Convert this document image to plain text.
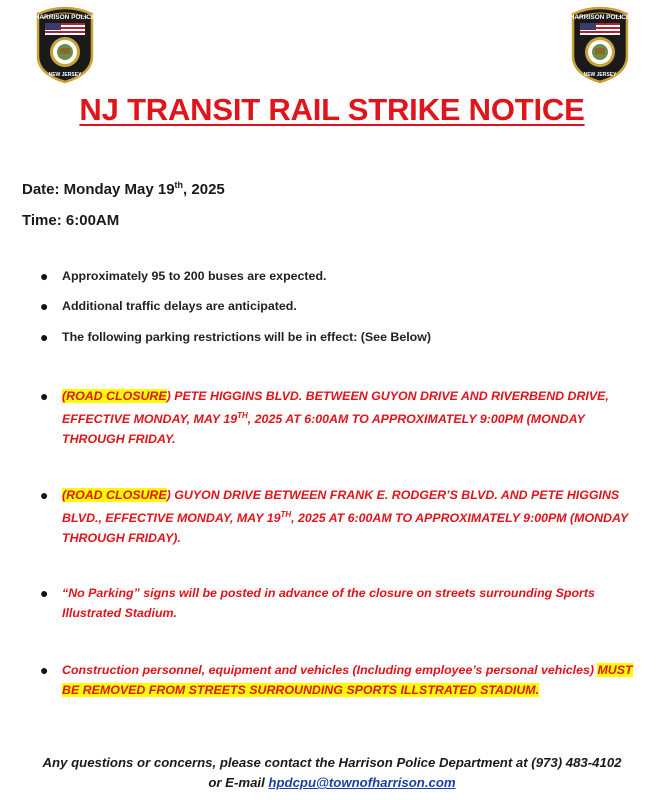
HARRISON POLICE
NEW JERSEY
HARRISON POLICE
NEW JERSEY
NJ TRANSIT RAIL STRIKE NOTICE
Date: Monday May 19th, 2025
Time: 6:00AM
● Approximately 95 to 200 buses are expected.
● Additional traffic delays are anticipated.
● The following parking restrictions will be in effect: (See Below)
● (ROAD CLOSURE) PETE HIGGINS BLVD. BETWEEN GUYON DRIVE AND RIVERBEND DRIVE, EFFECTIVE MONDAY, MAY 19TH, 2025 AT 6:00AM TO APPROXIMATELY 9:00PM (MONDAY THROUGH FRIDAY.
● (ROAD CLOSURE) GUYON DRIVE BETWEEN FRANK E. RODGER’S BLVD. AND PETE HIGGINS BLVD., EFFECTIVE MONDAY, MAY 19TH, 2025 AT 6:00AM TO APPROXIMATELY 9:00PM (MONDAY THROUGH FRIDAY).
● “No Parking” signs will be posted in advance of the closure on streets surrounding Sports Illustrated Stadium.
● Construction personnel, equipment and vehicles (Including employee’s personal vehicles) MUST BE REMOVED FROM STREETS SURROUNDING SPORTS ILLSTRATED STADIUM.
Any questions or concerns, please contact the Harrison Police Department at (973) 483-4102
or E-mail hpdcpu@townofharrison.com
